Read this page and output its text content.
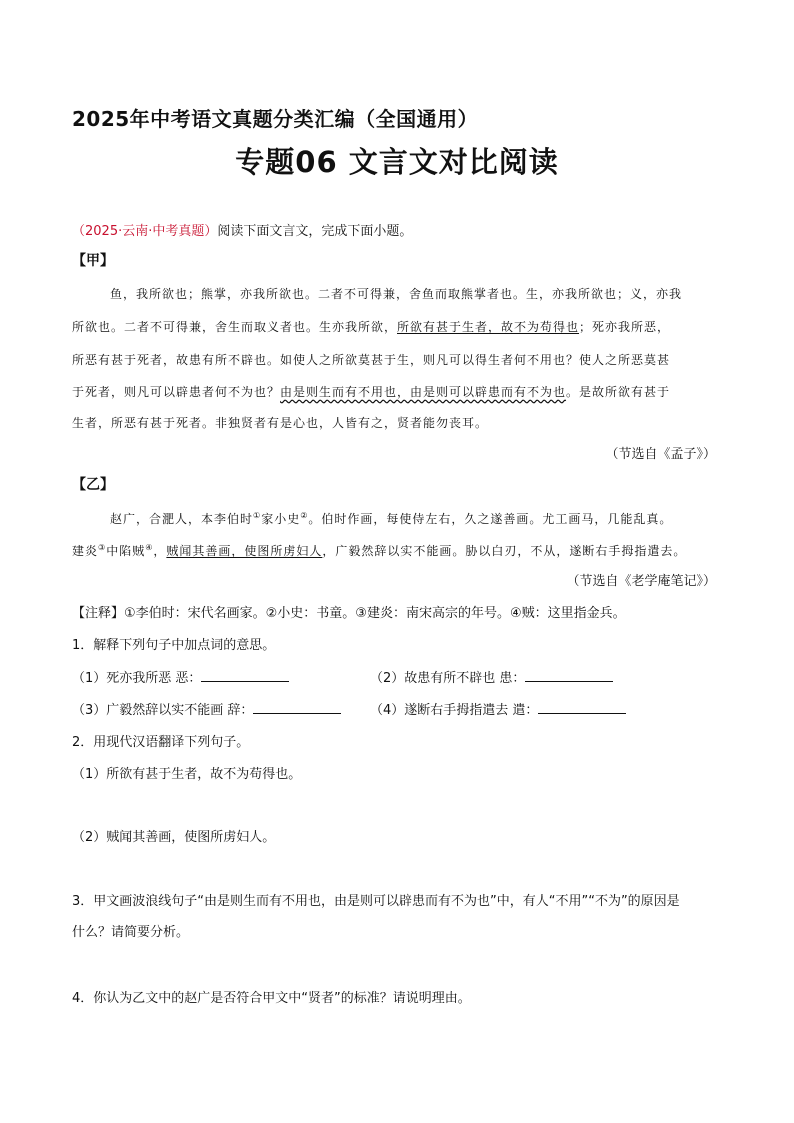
2025年中考语文真题分类汇编（全国通用）
专题06 文言文对比阅读
（2025·云南·中考真题）阅读下面文言文，完成下面小题。
【甲】
鱼，我所欲也；熊掌，亦我所欲也。二者不可得兼，舍鱼而取熊掌者也。生，亦我所欲也；义，亦我
所欲也。二者不可得兼，舍生而取义者也。生亦我所欲，所欲有甚于生者，故不为苟得也；死亦我所恶，
所恶有甚于死者，故患有所不辟也。如使人之所欲莫甚于生，则凡可以得生者何不用也？使人之所恶莫甚
于死者，则凡可以辟患者何不为也？由是则生而有不用也，由是则可以辟患而有不为也。是故所欲有甚于
生者，所恶有甚于死者。非独贤者有是心也，人皆有之，贤者能勿丧耳。
（节选自《孟子》）
【乙】
赵广，合淝人，本李伯时①家小史②。伯时作画，每使侍左右，久之遂善画。尤工画马，几能乱真。
建炎③中陷贼④，贼闻其善画，使图所虏妇人，广毅然辞以实不能画。胁以白刃，不从，遂断右手拇指遣去。
（节选自《老学庵笔记》）
【注释】①李伯时：宋代名画家。②小史：书童。③建炎：南宋高宗的年号。④贼：这里指金兵。
1．解释下列句子中加点词的意思。
（1）死亦我所恶 恶：	（2）故患有所不辟也 患：
（3）广毅然辞以实不能画 辞：	（4）遂断右手拇指遣去 遣：
2．用现代汉语翻译下列句子。
（1）所欲有甚于生者，故不为苟得也。
（2）贼闻其善画，使图所虏妇人。
3．甲文画波浪线句子“由是则生而有不用也，由是则可以辟患而有不为也”中，有人“不用”“不为”的原因是
什么？请简要分析。
4．你认为乙文中的赵广是否符合甲文中“贤者”的标准？请说明理由。
